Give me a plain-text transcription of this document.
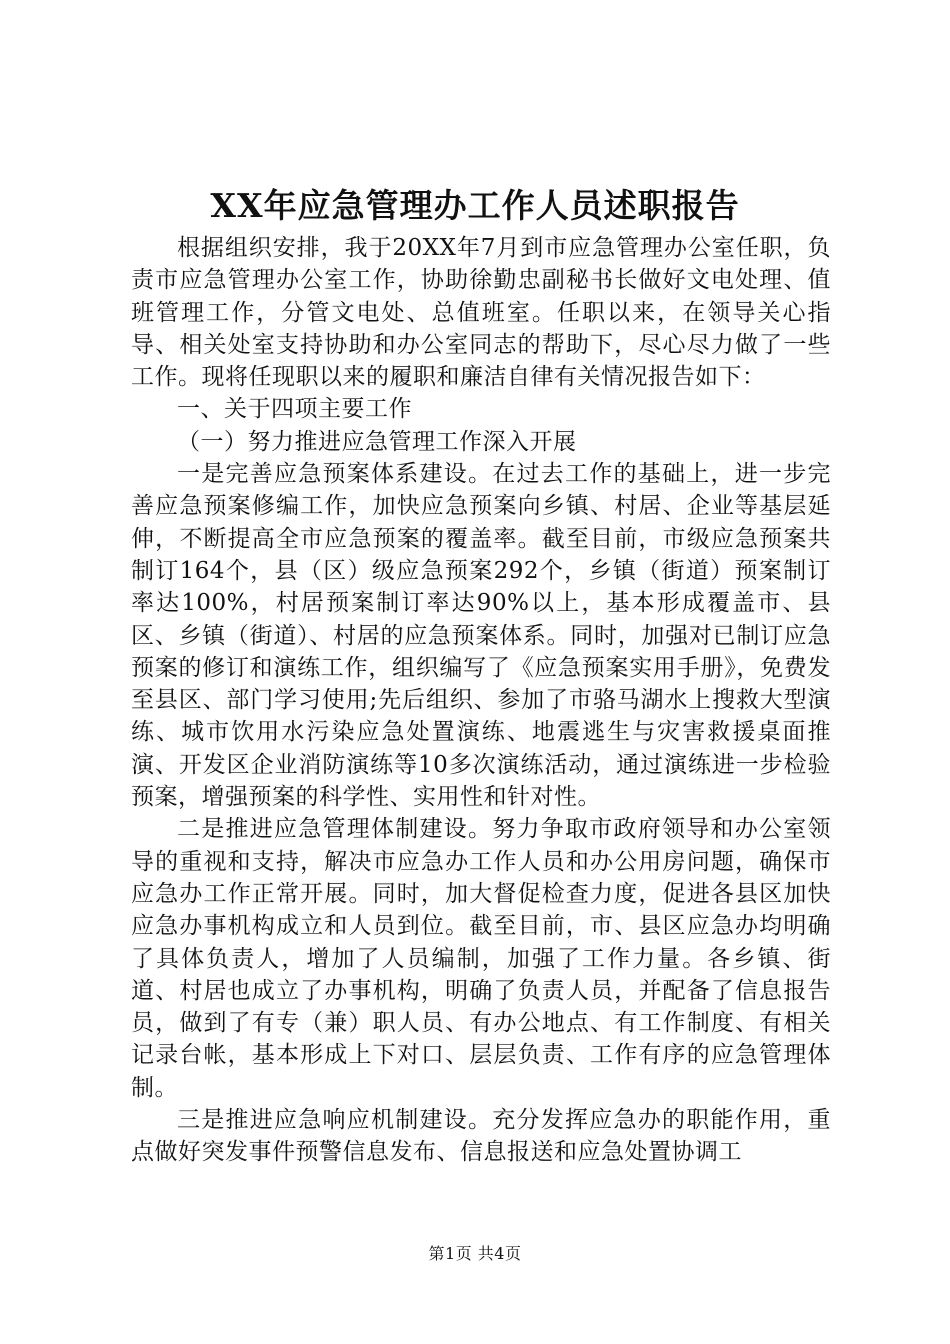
XX年应急管理办工作人员述职报告

根据组织安排，我于20XX年7月到市应急管理办公室任职，负责市应急管理办公室工作，协助徐勤忠副秘书长做好文电处理、值班管理工作，分管文电处、总值班室。任职以来，在领导关心指导、相关处室支持协助和办公室同志的帮助下，尽心尽力做了一些工作。现将任现职以来的履职和廉洁自律有关情况报告如下：

一、关于四项主要工作

（一）努力推进应急管理工作深入开展

一是完善应急预案体系建设。在过去工作的基础上，进一步完善应急预案修编工作，加快应急预案向乡镇、村居、企业等基层延伸，不断提高全市应急预案的覆盖率。截至目前，市级应急预案共制订164个，县（区）级应急预案292个，乡镇（街道）预案制订率达100%，村居预案制订率达90%以上，基本形成覆盖市、县区、乡镇（街道）、村居的应急预案体系。同时，加强对已制订应急预案的修订和演练工作，组织编写了《应急预案实用手册》，免费发至县区、部门学习使用;先后组织、参加了市骆马湖水上搜救大型演练、城市饮用水污染应急处置演练、地震逃生与灾害救援桌面推演、开发区企业消防演练等10多次演练活动，通过演练进一步检验预案，增强预案的科学性、实用性和针对性。

二是推进应急管理体制建设。努力争取市政府领导和办公室领导的重视和支持，解决市应急办工作人员和办公用房问题，确保市应急办工作正常开展。同时，加大督促检查力度，促进各县区加快应急办事机构成立和人员到位。截至目前，市、县区应急办均明确了具体负责人，增加了人员编制，加强了工作力量。各乡镇、街道、村居也成立了办事机构，明确了负责人员，并配备了信息报告员，做到了有专（兼）职人员、有办公地点、有工作制度、有相关记录台帐，基本形成上下对口、层层负责、工作有序的应急管理体制。

三是推进应急响应机制建设。充分发挥应急办的职能作用，重点做好突发事件预警信息发布、信息报送和应急处置协调工

第1页 共4页
